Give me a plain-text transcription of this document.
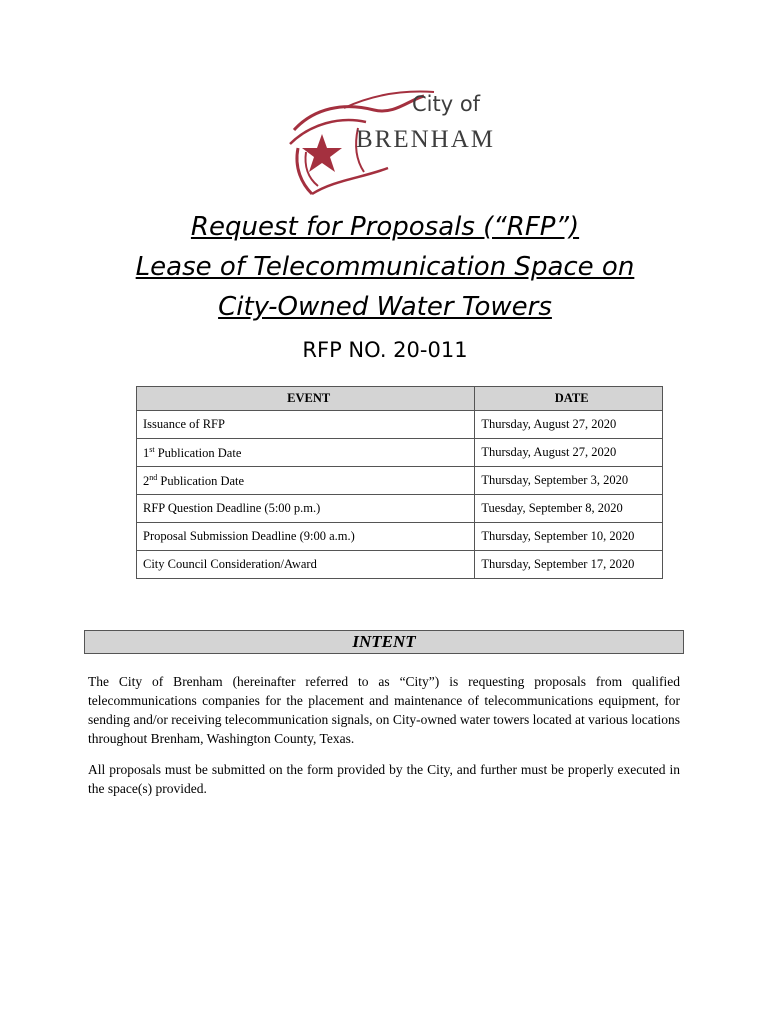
City of
BRENHAM
Request for Proposals (“RFP”)
Lease of Telecommunication Space on
City-Owned Water Towers
RFP NO. 20-011
EVENT	DATE
Issuance of RFP	Thursday, August 27, 2020
1st Publication Date	Thursday, August 27, 2020
2nd Publication Date	Thursday, September 3, 2020
RFP Question Deadline (5:00 p.m.)	Tuesday, September 8, 2020
Proposal Submission Deadline (9:00 a.m.)	Thursday, September 10, 2020
City Council Consideration/Award	Thursday, September 17, 2020
INTENT

The City of Brenham (hereinafter referred to as “City”) is requesting proposals from qualified telecommunications companies for the placement and maintenance of telecommunications equipment, for sending and/or receiving telecommunication signals, on City-owned water towers located at various locations throughout Brenham, Washington County, Texas.

All proposals must be submitted on the form provided by the City, and further must be properly executed in the space(s) provided.
